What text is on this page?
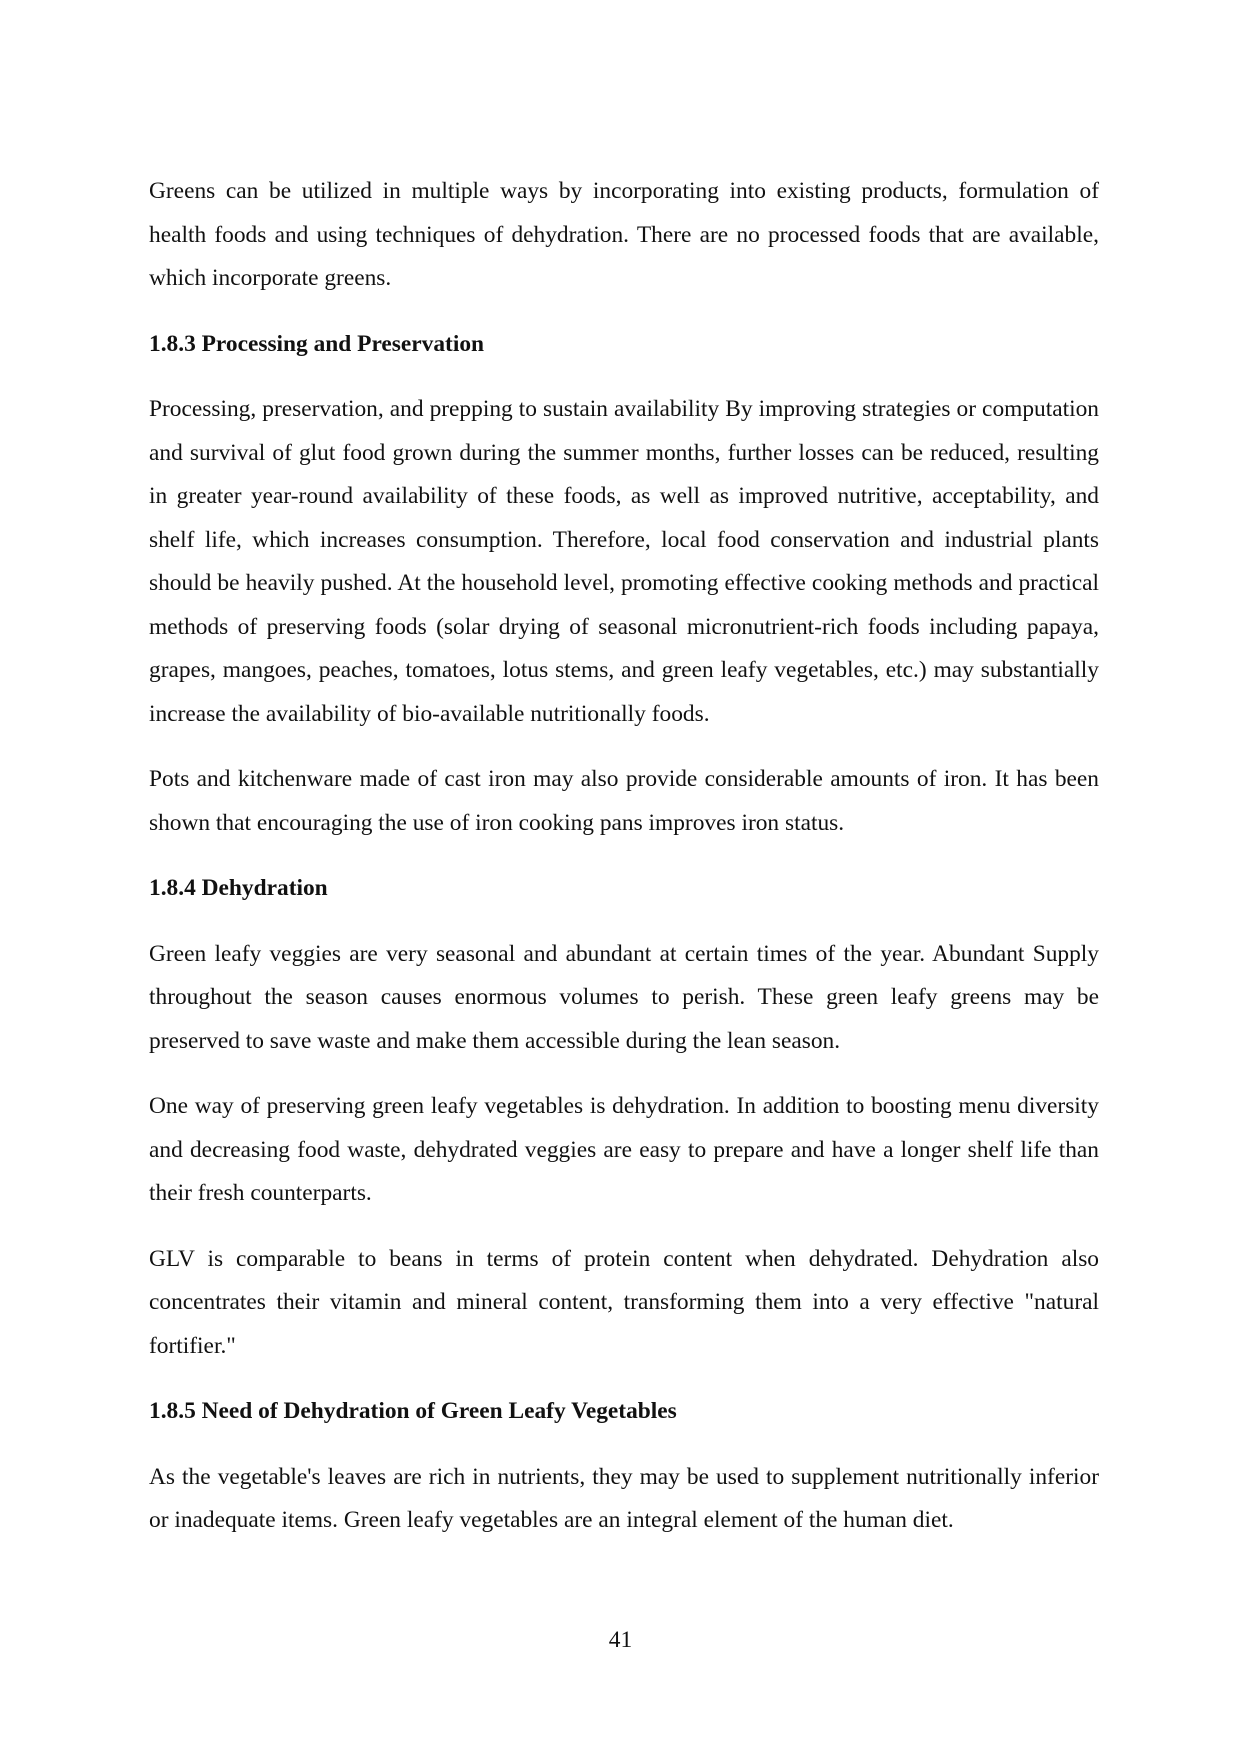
Greens can be utilized in multiple ways by incorporating into existing products, formulation of health foods and using techniques of dehydration. There are no processed foods that are available, which incorporate greens.

1.8.3 Processing and Preservation

Processing, preservation, and prepping to sustain availability By improving strategies or computation and survival of glut food grown during the summer months, further losses can be reduced, resulting in greater year-round availability of these foods, as well as improved nutritive, acceptability, and shelf life, which increases consumption. Therefore, local food conservation and industrial plants should be heavily pushed. At the household level, promoting effective cooking methods and practical methods of preserving foods (solar drying of seasonal micronutrient-rich foods including papaya, grapes, mangoes, peaches, tomatoes, lotus stems, and green leafy vegetables, etc.) may substantially increase the availability of bio-available nutritionally foods.

Pots and kitchenware made of cast iron may also provide considerable amounts of iron. It has been shown that encouraging the use of iron cooking pans improves iron status.

1.8.4 Dehydration

Green leafy veggies are very seasonal and abundant at certain times of the year. Abundant Supply throughout the season causes enormous volumes to perish. These green leafy greens may be preserved to save waste and make them accessible during the lean season.

One way of preserving green leafy vegetables is dehydration. In addition to boosting menu diversity and decreasing food waste, dehydrated veggies are easy to prepare and have a longer shelf life than their fresh counterparts.

GLV is comparable to beans in terms of protein content when dehydrated. Dehydration also concentrates their vitamin and mineral content, transforming them into a very effective "natural fortifier."

1.8.5 Need of Dehydration of Green Leafy Vegetables

As the vegetable's leaves are rich in nutrients, they may be used to supplement nutritionally inferior or inadequate items. Green leafy vegetables are an integral element of the human diet.

41
